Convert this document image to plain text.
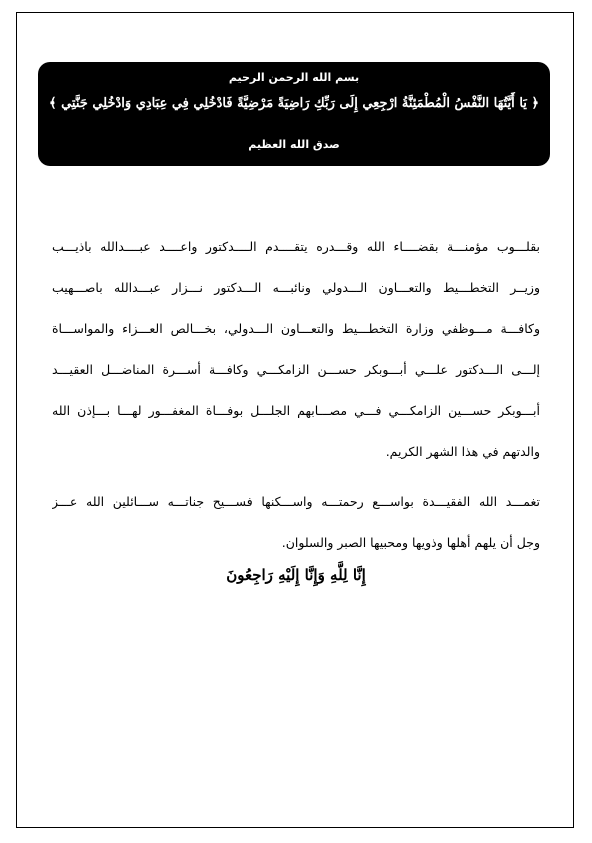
بسم الله الرحمن الرحيم
﴿ يَا أَيَّتُهَا النَّفْسُ الْمُطْمَئِنَّةُ ارْجِعِي إِلَى رَبِّكِ رَاضِيَةً مَرْضِيَّةً فَادْخُلِي فِي عِبَادِي وَادْخُلِي جَنَّتِي ﴾
صدق الله العظيم
بقلـــوب مؤمنـــة بقضــــاء الله وقـــدره يتقــــدم الــــدكتور واعــــد عبــــدالله باذيـــب
وزيــر التخطـــيط والتعـــاون الـــدولي ونائبـــه الـــدكتور نـــزار عبـــدالله باصـــهيب
وكافـــة مـــوظفي وزارة التخطـــيط والتعـــاون الـــدولي، بخـــالص العـــزاء والمواســـاة
إلـــى الـــدكتور علـــي أبـــوبكر حســـن الزامكـــي وكافـــة أســـرة المناضـــل العقيـــد
أبـــوبكر حســـين الزامكـــي فـــي مصـــابهم الجلـــل بوفـــاة المغفـــور لهـــا بـــإذن الله
والدتهم في هذا الشهر الكريم.
تغمـــد الله الفقيـــدة بواســـع رحمتـــه واســـكنها فســـيح جناتـــه ســـائلين الله عـــز
وجل أن يلهم أهلها وذويها ومحبيها الصبر والسلوان.
إِنَّا لِلَّهِ وَإِنَّا إِلَيْهِ رَاجِعُونَ
